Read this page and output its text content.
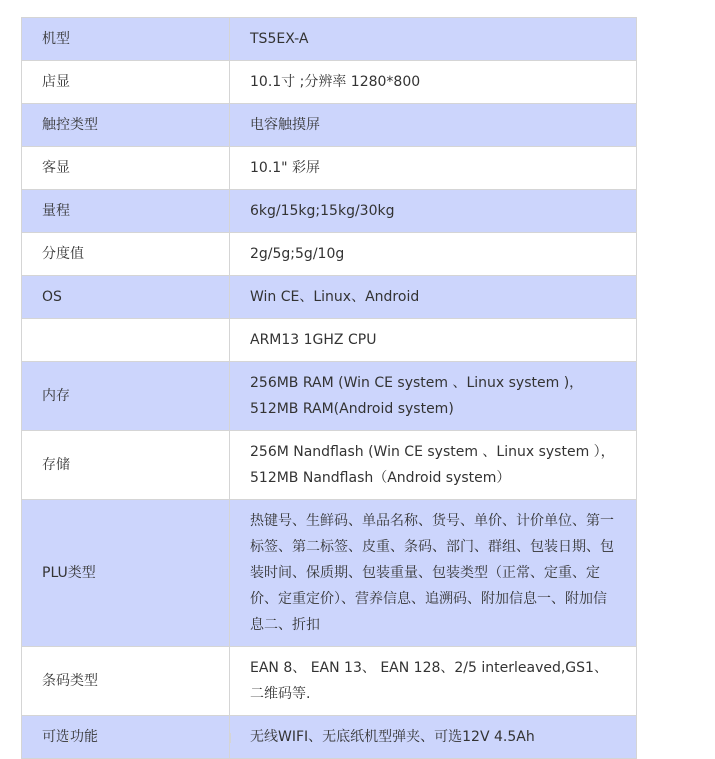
机型	TS5EX-A

店显	10.1寸 ;分辨率 1280*800

触控类型	电容触摸屏

客显	10.1" 彩屏

量程	6kg/15kg;15kg/30kg

分度值	2g/5g;5g/10g

OS	Win CE、Linux、Android

	ARM13 1GHZ CPU

内存	256MB RAM (Win CE system 、Linux system )，
512MB RAM(Android system)

存储	256M Nandflash (Win CE system 、Linux system ），
512MB Nandflash（Android system）

PLU类型	热键号、生鲜码、单品名称、货号、单价、计价单位、第一标签、第二标签、皮重、条码、部门、群组、包装日期、包装时间、保质期、包装重量、包装类型（正常、定重、定价、定重定价）、营养信息、追溯码、附加信息一、附加信息二、折扣

条码类型	EAN 8、 EAN 13、 EAN 128、2/5 interleaved,GS1、二维码等.

可选功能	无线WIFI、无底纸机型弹夹、可选12V 4.5Ah
